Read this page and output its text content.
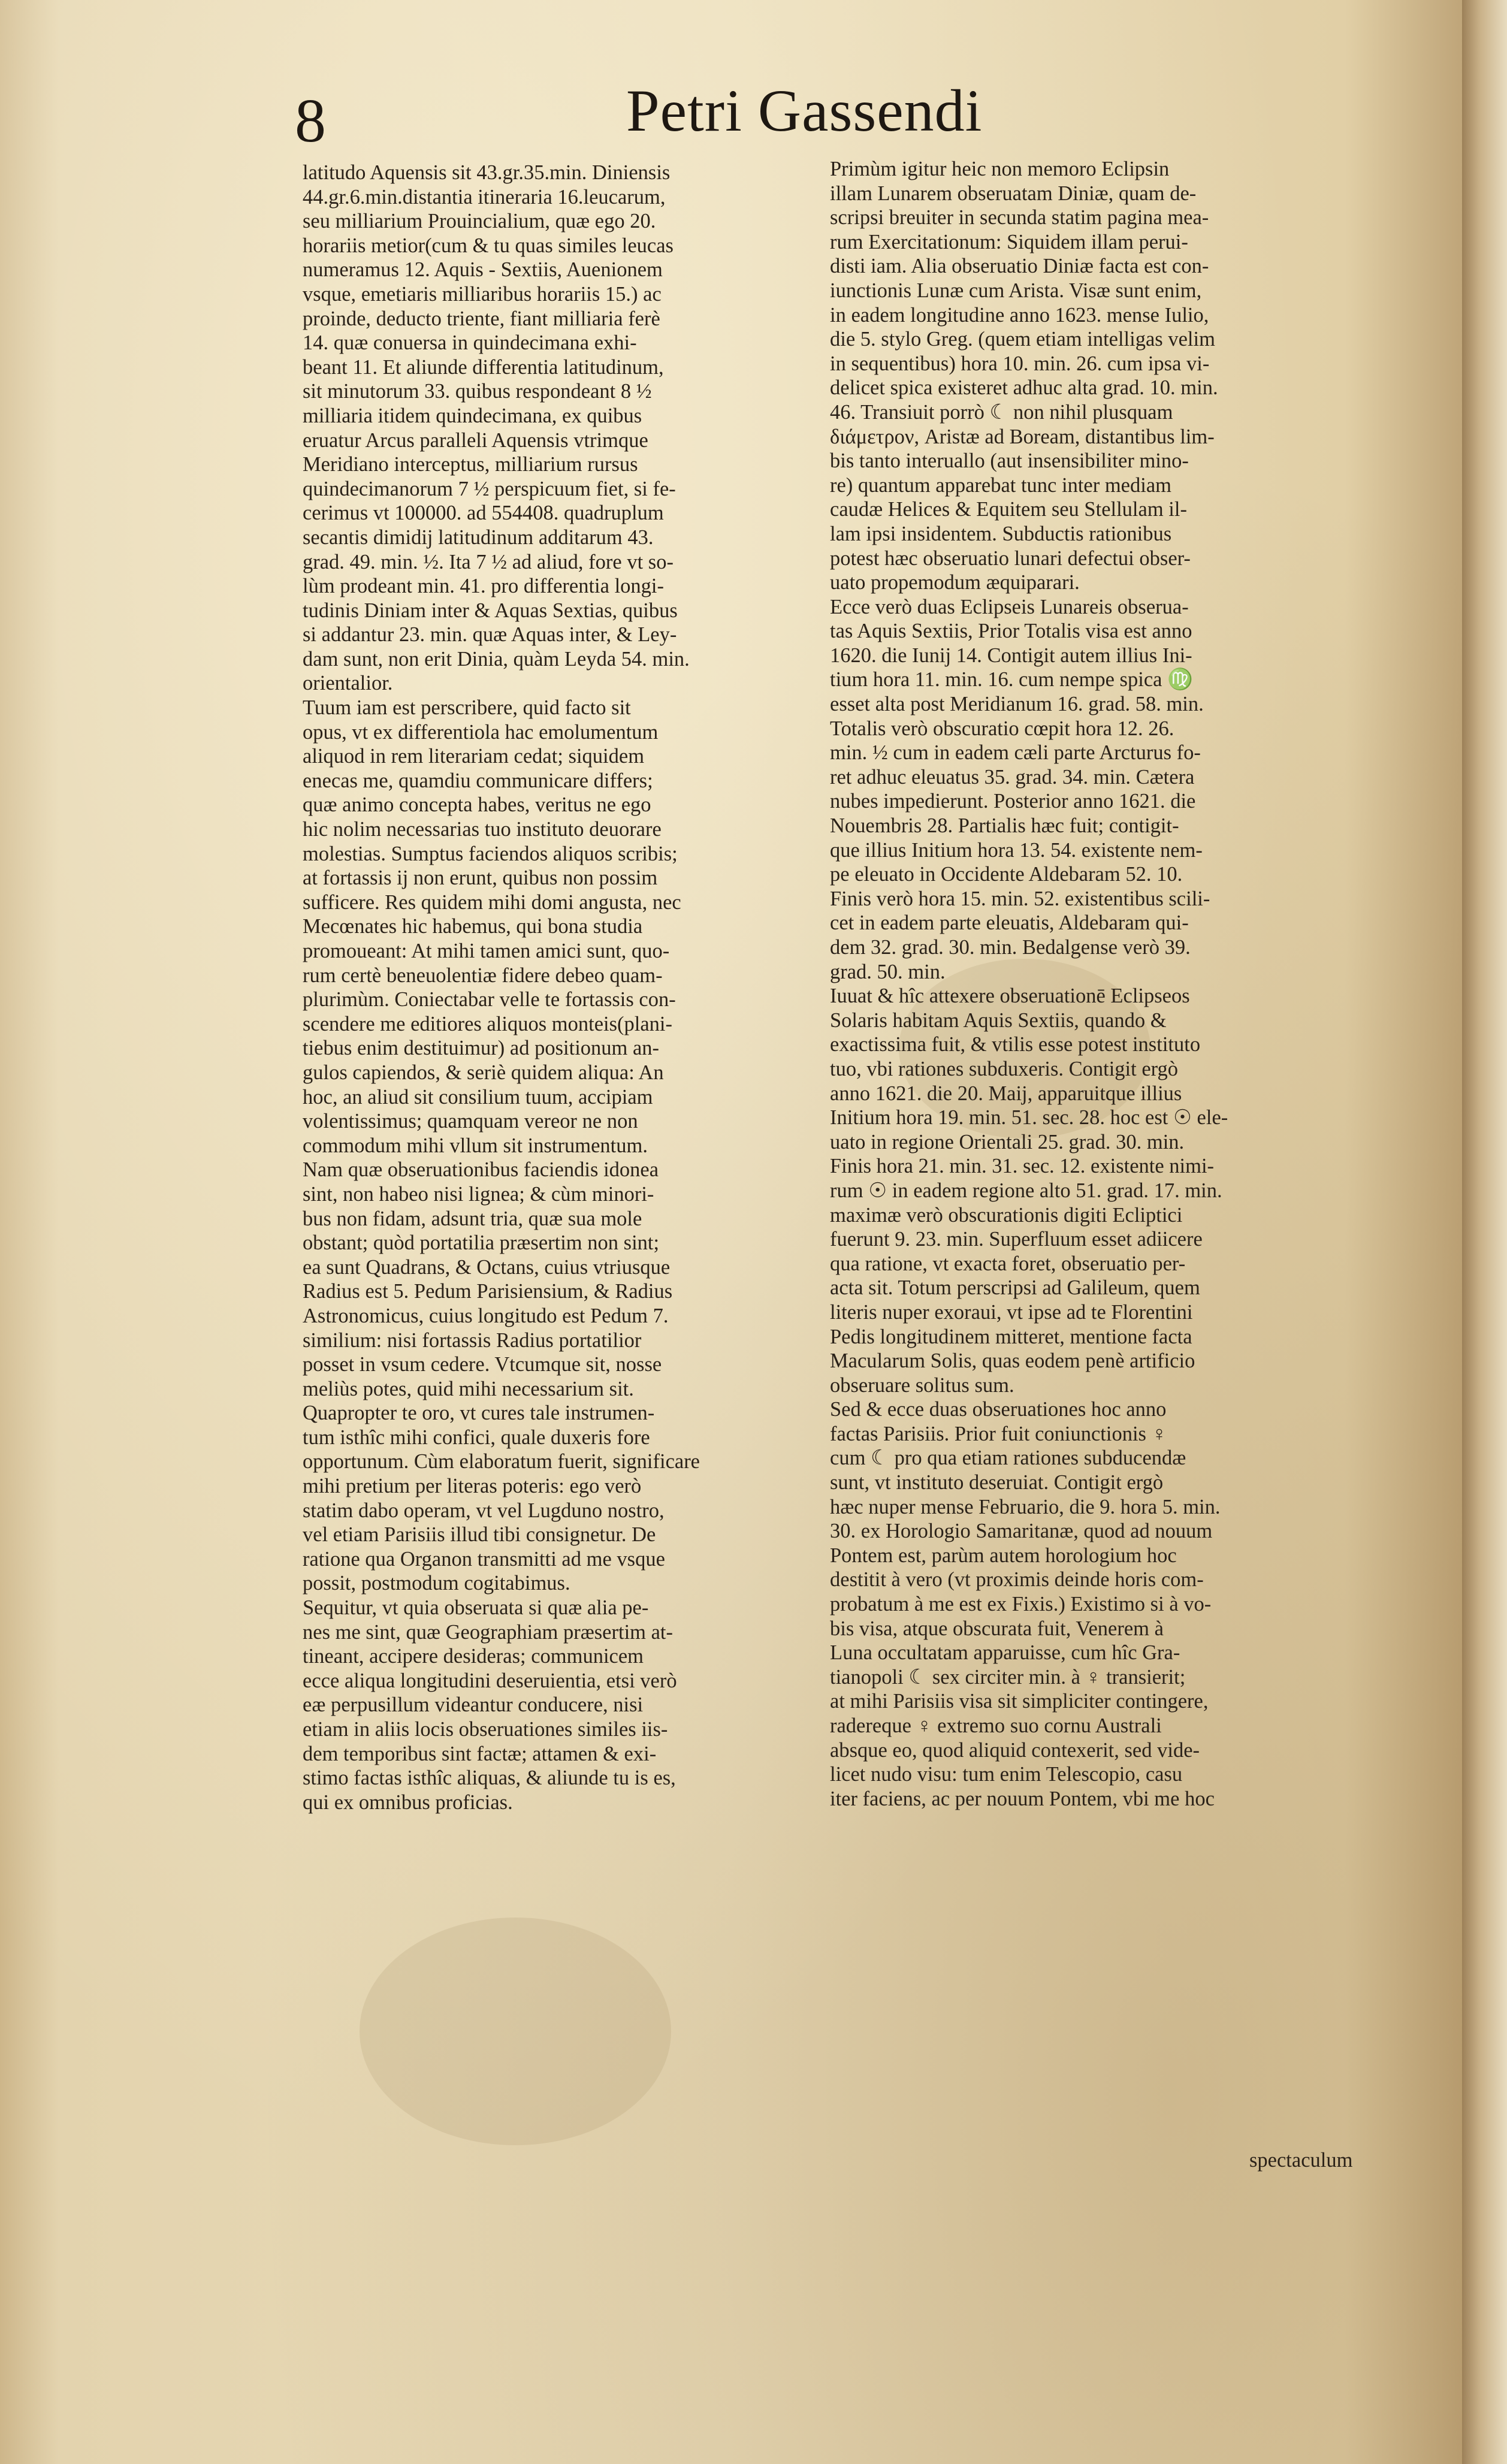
8	Petri Gassendi
latitudo Aquensis sit 43.gr.35.min. Diniensis
44.gr.6.min.distantia itineraria 16.leucarum,
seu milliarium Prouincialium, quæ ego 20.
horariis metior(cum & tu quas similes leucas
numeramus 12. Aquis - Sextiis, Auenionem
vsque, emetiaris milliaribus horariis 15.) ac
proinde, deducto triente, fiant milliaria ferè
14. quæ conuersa in quindecimana exhi-
beant 11. Et aliunde differentia latitudinum,
sit minutorum 33. quibus respondeant 8 ½
milliaria itidem quindecimana, ex quibus
eruatur Arcus paralleli Aquensis vtrimque
Meridiano interceptus, milliarium rursus
quindecimanorum 7 ½ perspicuum fiet, si fe-
cerimus vt 100000. ad 554408. quadruplum
secantis dimidij latitudinum additarum 43.
grad. 49. min. ½. Ita 7 ½ ad aliud, fore vt so-
lùm prodeant min. 41. pro differentia longi-
tudinis Diniam inter & Aquas Sextias, quibus
si addantur 23. min. quæ Aquas inter, & Ley-
dam sunt, non erit Dinia, quàm Leyda 54. min.
orientalior.
Tuum iam est perscribere, quid facto sit
opus, vt ex differentiola hac emolumentum
aliquod in rem literariam cedat; siquidem
enecas me, quamdiu communicare differs;
quæ animo concepta habes, veritus ne ego
hic nolim necessarias tuo instituto deuorare
molestias. Sumptus faciendos aliquos scribis;
at fortassis ij non erunt, quibus non possim
sufficere. Res quidem mihi domi angusta, nec
Mecœnates hic habemus, qui bona studia
promoueant: At mihi tamen amici sunt, quo-
rum certè beneuolentiæ fidere debeo quam-
plurimùm. Coniectabar velle te fortassis con-
scendere me editiores aliquos monteis(plani-
tiebus enim destituimur) ad positionum an-
gulos capiendos, & seriè quidem aliqua: An
hoc, an aliud sit consilium tuum, accipiam
volentissimus; quamquam vereor ne non
commodum mihi vllum sit instrumentum.
Nam quæ obseruationibus faciendis idonea
sint, non habeo nisi lignea; & cùm minori-
bus non fidam, adsunt tria, quæ sua mole
obstant; quòd portatilia præsertim non sint;
ea sunt Quadrans, & Octans, cuius vtriusque
Radius est 5. Pedum Parisiensium, & Radius
Astronomicus, cuius longitudo est Pedum 7.
similium: nisi fortassis Radius portatilior
posset in vsum cedere. Vtcumque sit, nosse
meliùs potes, quid mihi necessarium sit.
Quapropter te oro, vt cures tale instrumen-
tum isthîc mihi confici, quale duxeris fore
opportunum. Cùm elaboratum fuerit, significare
mihi pretium per literas poteris: ego verò
statim dabo operam, vt vel Lugduno nostro,
vel etiam Parisiis illud tibi consignetur. De
ratione qua Organon transmitti ad me vsque
possit, postmodum cogitabimus.
Sequitur, vt quia obseruata si quæ alia pe-
nes me sint, quæ Geographiam præsertim at-
tineant, accipere desideras; communicem
ecce aliqua longitudini deseruientia, etsi verò
eæ perpusillum videantur conducere, nisi
etiam in aliis locis obseruationes similes iis-
dem temporibus sint factæ; attamen & exi-
stimo factas isthîc aliquas, & aliunde tu is es,
qui ex omnibus proficias.
Primùm igitur heic non memoro Eclipsin
illam Lunarem obseruatam Diniæ, quam de-
scripsi breuiter in secunda statim pagina mea-
rum Exercitationum: Siquidem illam perui-
disti iam. Alia obseruatio Diniæ facta est con-
iunctionis Lunæ cum Arista. Visæ sunt enim,
in eadem longitudine anno 1623. mense Iulio,
die 5. stylo Greg. (quem etiam intelligas velim
in sequentibus) hora 10. min. 26. cum ipsa vi-
delicet spica existeret adhuc alta grad. 10. min.
46. Transiuit porrò ☾ non nihil plusquam
διάμετρον, Aristæ ad Boream, distantibus lim-
bis tanto interuallo (aut insensibiliter mino-
re) quantum apparebat tunc inter mediam
caudæ Helices & Equitem seu Stellulam il-
lam ipsi insidentem. Subductis rationibus
potest hæc obseruatio lunari defectui obser-
uato propemodum æquiparari.
Ecce verò duas Eclipseis Lunareis obserua-
tas Aquis Sextiis, Prior Totalis visa est anno
1620. die Iunij 14. Contigit autem illius Ini-
tium hora 11. min. 16. cum nempe spica ♍
esset alta post Meridianum 16. grad. 58. min.
Totalis verò obscuratio cœpit hora 12. 26.
min. ½ cum in eadem cæli parte Arcturus fo-
ret adhuc eleuatus 35. grad. 34. min. Cætera
nubes impedierunt. Posterior anno 1621. die
Nouembris 28. Partialis hæc fuit; contigit-
que illius Initium hora 13. 54. existente nem-
pe eleuato in Occidente Aldebaram 52. 10.
Finis verò hora 15. min. 52. existentibus scili-
cet in eadem parte eleuatis, Aldebaram qui-
dem 32. grad. 30. min. Bedalgense verò 39.
grad. 50. min.
Iuuat & hîc attexere obseruationē Eclipseos
Solaris habitam Aquis Sextiis, quando &
exactissima fuit, & vtilis esse potest instituto
tuo, vbi rationes subduxeris. Contigit ergò
anno 1621. die 20. Maij, apparuitque illius
Initium hora 19. min. 51. sec. 28. hoc est ☉ ele-
uato in regione Orientali 25. grad. 30. min.
Finis hora 21. min. 31. sec. 12. existente nimi-
rum ☉ in eadem regione alto 51. grad. 17. min.
maximæ verò obscurationis digiti Ecliptici
fuerunt 9. 23. min. Superfluum esset adiicere
qua ratione, vt exacta foret, obseruatio per-
acta sit. Totum perscripsi ad Galileum, quem
literis nuper exoraui, vt ipse ad te Florentini
Pedis longitudinem mitteret, mentione facta
Macularum Solis, quas eodem penè artificio
obseruare solitus sum.
Sed & ecce duas obseruationes hoc anno
factas Parisiis. Prior fuit coniunctionis ♀
cum ☾ pro qua etiam rationes subducendæ
sunt, vt instituto deseruiat. Contigit ergò
hæc nuper mense Februario, die 9. hora 5. min.
30. ex Horologio Samaritanæ, quod ad nouum
Pontem est, parùm autem horologium hoc
destitit à vero (vt proximis deinde horis com-
probatum à me est ex Fixis.) Existimo si à vo-
bis visa, atque obscurata fuit, Venerem à
Luna occultatam apparuisse, cum hîc Gra-
tianopoli ☾ sex circiter min. à ♀ transierit;
at mihi Parisiis visa sit simpliciter contingere,
radereque ♀ extremo suo cornu Australi
absque eo, quod aliquid contexerit, sed vide-
licet nudo visu: tum enim Telescopio, casu
iter faciens, ac per nouum Pontem, vbi me hoc
spectaculum
